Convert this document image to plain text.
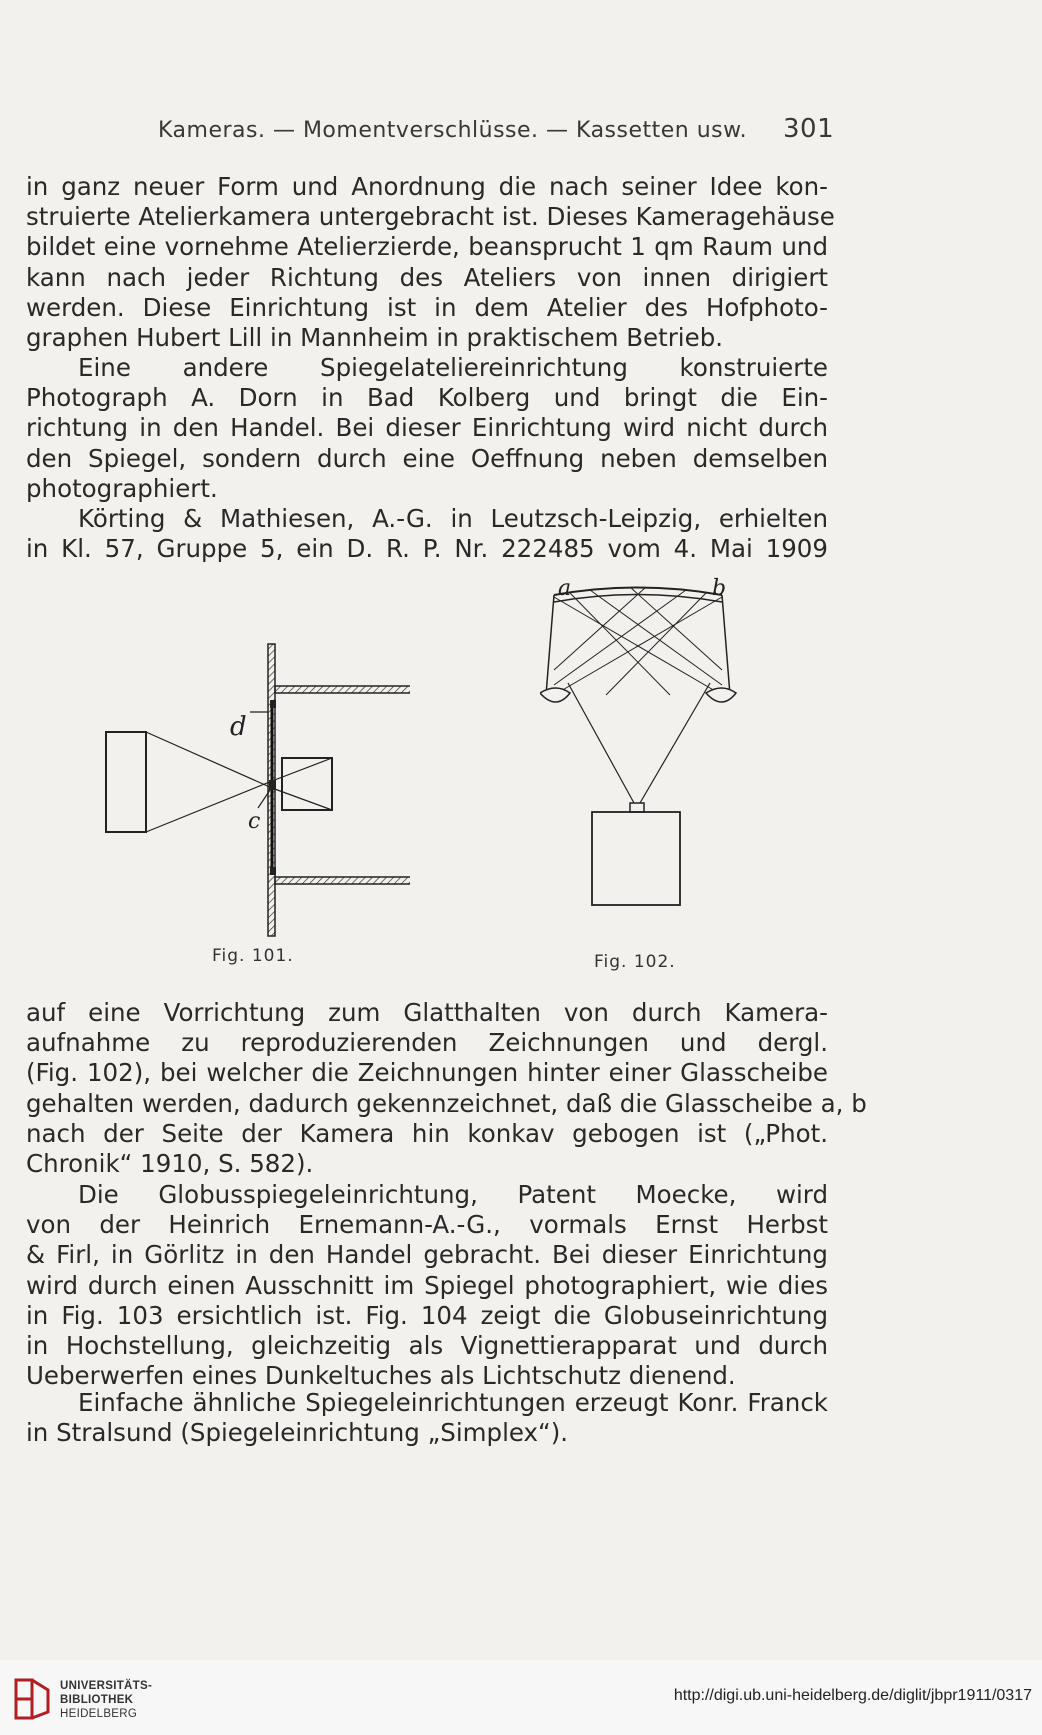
Kameras. — Momentverschlüsse. — Kassetten usw. 301
in ganz neuer Form und Anordnung die nach seiner Idee kon-
struierte Atelierkamera untergebracht ist. Dieses Kameragehäuse
bildet eine vornehme Atelierzierde, beansprucht 1 qm Raum und
kann nach jeder Richtung des Ateliers von innen dirigiert
werden. Diese Einrichtung ist in dem Atelier des Hofphoto-
graphen Hubert Lill in Mannheim in praktischem Betrieb.
Eine andere Spiegelateliereinrichtung konstruierte
Photograph A. Dorn in Bad Kolberg und bringt die Ein-
richtung in den Handel. Bei dieser Einrichtung wird nicht durch
den Spiegel, sondern durch eine Oeffnung neben demselben
photographiert.
Körting & Mathiesen, A.-G. in Leutzsch-Leipzig, erhielten
in Kl. 57, Gruppe 5, ein D. R. P. Nr. 222485 vom 4. Mai 1909
d
c
Fig. 101.
a	b
Fig. 102.
auf eine Vorrichtung zum Glatthalten von durch Kamera-
aufnahme zu reproduzierenden Zeichnungen und dergl.
(Fig. 102), bei welcher die Zeichnungen hinter einer Glasscheibe
gehalten werden, dadurch gekennzeichnet, daß die Glasscheibe a, b
nach der Seite der Kamera hin konkav gebogen ist („Phot.
Chronik“ 1910, S. 582).
Die Globusspiegeleinrichtung, Patent Moecke, wird
von der Heinrich Ernemann-A.-G., vormals Ernst Herbst
& Firl, in Görlitz in den Handel gebracht. Bei dieser Einrichtung
wird durch einen Ausschnitt im Spiegel photographiert, wie dies
in Fig. 103 ersichtlich ist. Fig. 104 zeigt die Globuseinrichtung
in Hochstellung, gleichzeitig als Vignettierapparat und durch
Ueberwerfen eines Dunkeltuches als Lichtschutz dienend.
Einfache ähnliche Spiegeleinrichtungen erzeugt Konr. Franck
in Stralsund (Spiegeleinrichtung „Simplex“).
UNIVERSITÄTS-
BIBLIOTHEK
HEIDELBERG
http://digi.ub.uni-heidelberg.de/diglit/jbpr1911/0317
